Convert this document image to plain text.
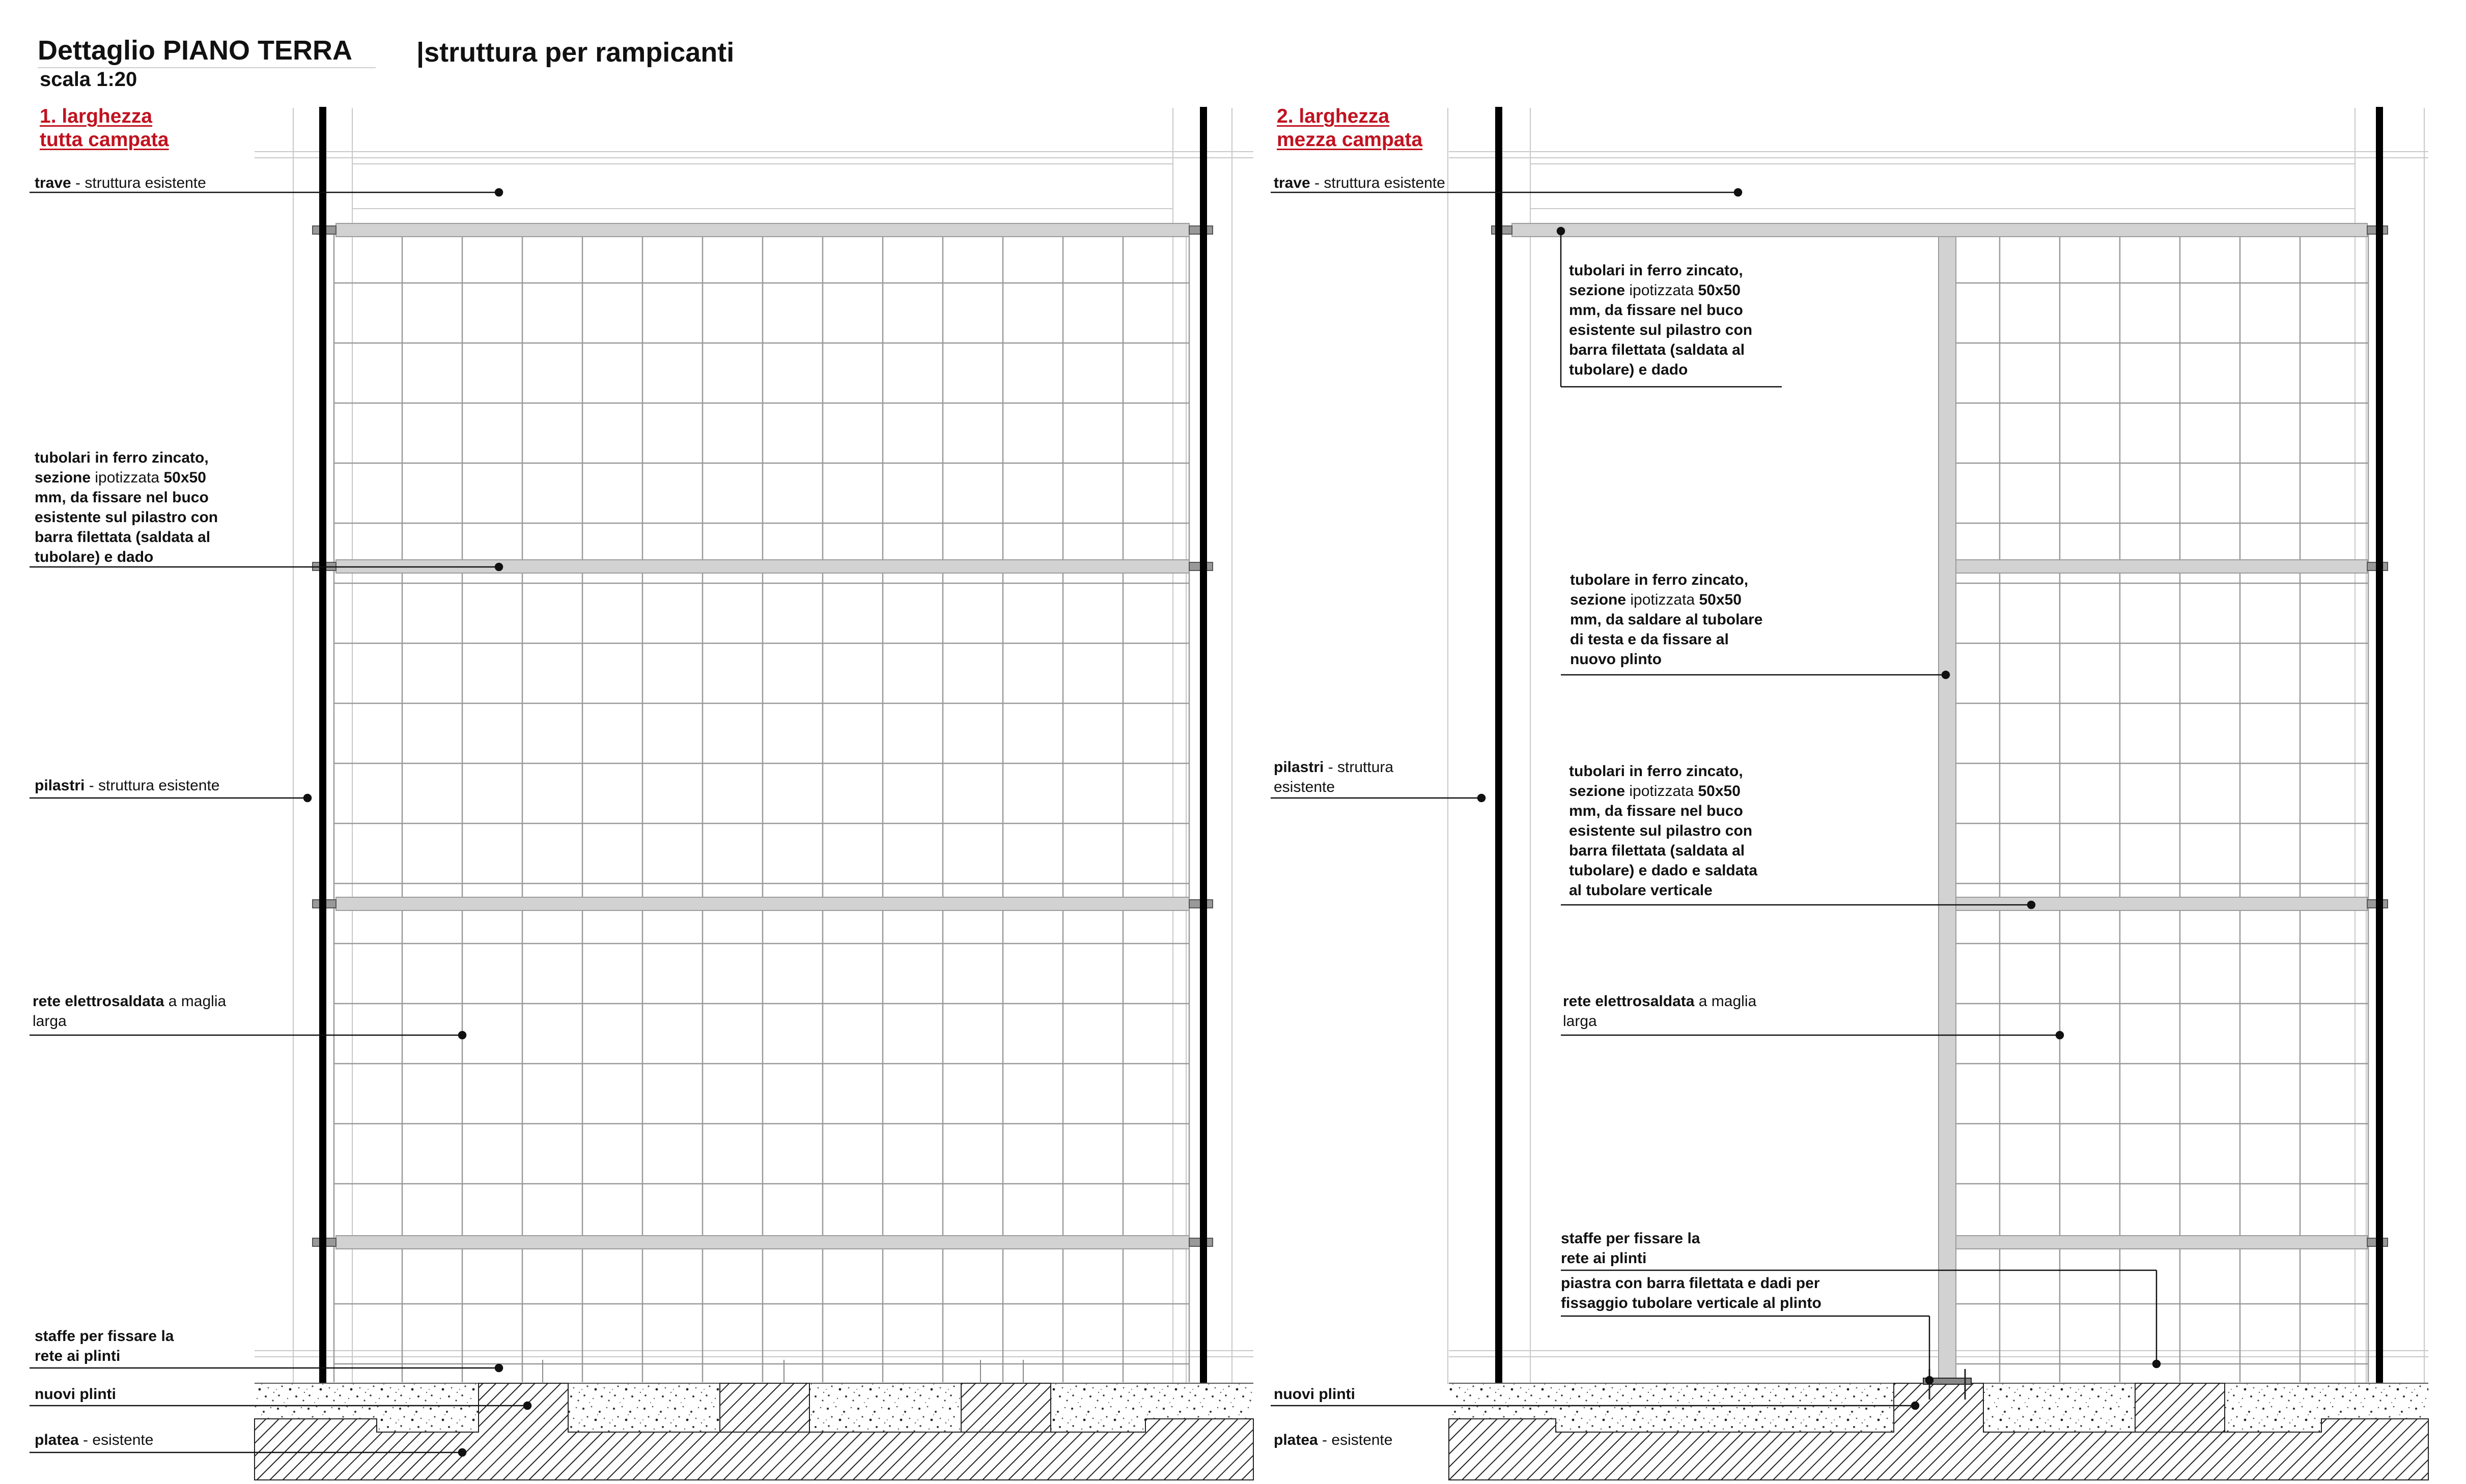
Dettaglio PIANO TERRA |struttura per rampicanti
scala 1:20
1. larghezza
tutta campata
trave - struttura esistente
tubolari in ferro zincato,
sezione ipotizzata 50x50
mm, da fissare nel buco
esistente sul pilastro con
barra filettata (saldata al
tubolare) e dado
pilastri - struttura esistente
rete elettrosaldata a maglia
larga
staffe per fissare la
rete ai plinti
nuovi plinti
platea - esistente
2. larghezza
mezza campata
trave - struttura esistente
tubolari in ferro zincato,
sezione ipotizzata 50x50
mm, da fissare nel buco
esistente sul pilastro con
barra filettata (saldata al
tubolare) e dado
tubolare in ferro zincato,
sezione ipotizzata 50x50
mm, da saldare al tubolare
di testa e da fissare al
nuovo plinto
pilastri - struttura
esistente
tubolari in ferro zincato,
sezione ipotizzata 50x50
mm, da fissare nel buco
esistente sul pilastro con
barra filettata (saldata al
tubolare) e dado e saldata
al tubolare verticale
rete elettrosaldata a maglia
larga
staffe per fissare la
rete ai plinti
piastra con barra filettata e dadi per
fissaggio tubolare verticale al plinto
nuovi plinti
platea - esistente
